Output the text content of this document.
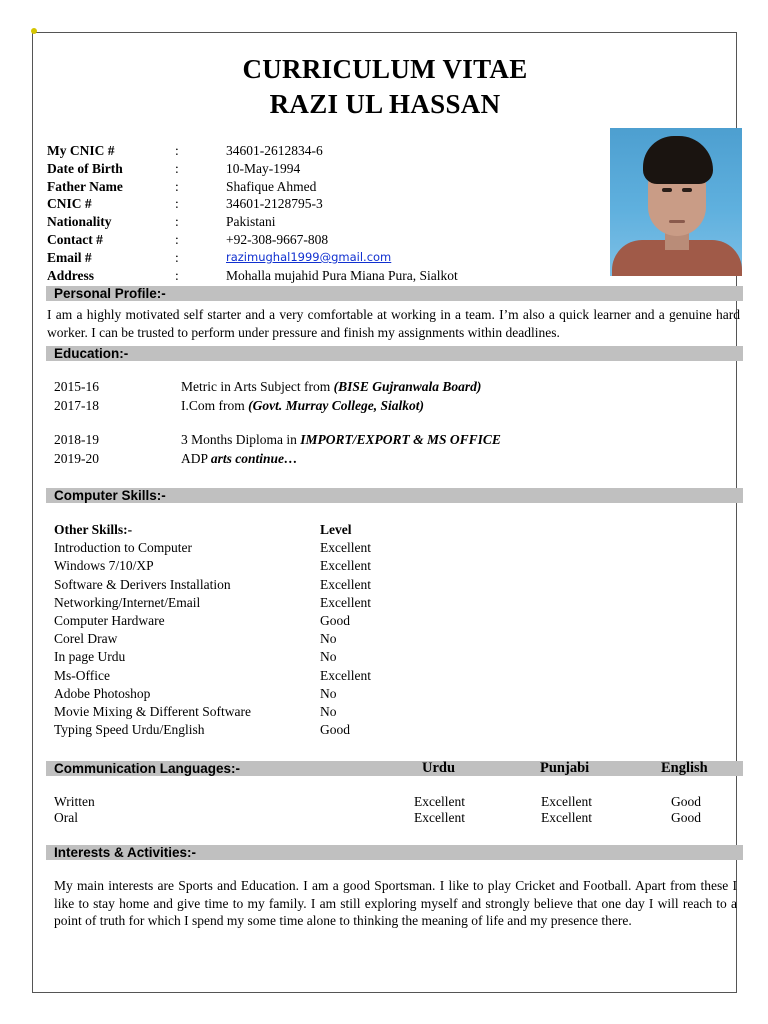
CURRICULUM VITAE
RAZI UL HASSAN
My CNIC #	:	34601-2612834-6
Date of Birth	:	10-May-1994
Father Name	:	Shafique Ahmed
CNIC #	:	34601-2128795-3
Nationality	:	Pakistani
Contact #	:	+92-308-9667-808
Email #	:	razimughal1999@gmail.com
Address	:	Mohalla mujahid Pura Miana Pura, Sialkot
Personal Profile:-
I am a highly motivated self starter and a very comfortable at working in a team. I’m also a quick learner and a genuine hard worker. I can be trusted to perform under pressure and finish my assignments within deadlines.
Education:-
2015-16	Metric in Arts Subject from (BISE Gujranwala Board)
2017-18	I.Com from (Govt. Murray College, Sialkot)
2018-19	3 Months Diploma in IMPORT/EXPORT & MS OFFICE
2019-20	ADP arts continue…
Computer Skills:-
Other Skills:-	Level
Introduction to Computer	Excellent
Windows 7/10/XP	Excellent
Software & Derivers Installation	Excellent
Networking/Internet/Email	Excellent
Computer Hardware	Good
Corel Draw	No
In page Urdu	No
Ms-Office	Excellent
Adobe Photoshop	No
Movie Mixing & Different Software	No
Typing Speed Urdu/English	Good
Communication Languages:-	Urdu	Punjabi	English
Written	Excellent	Excellent	Good
Oral	Excellent	Excellent	Good
Interests & Activities:-
My main interests are Sports and Education. I am a good Sportsman. I like to play Cricket and Football. Apart from these I like to stay home and give time to my family. I am still exploring myself and strongly believe that one day I will reach to a point of truth for which I spend my some time alone to thinking the meaning of life and my presence there.
